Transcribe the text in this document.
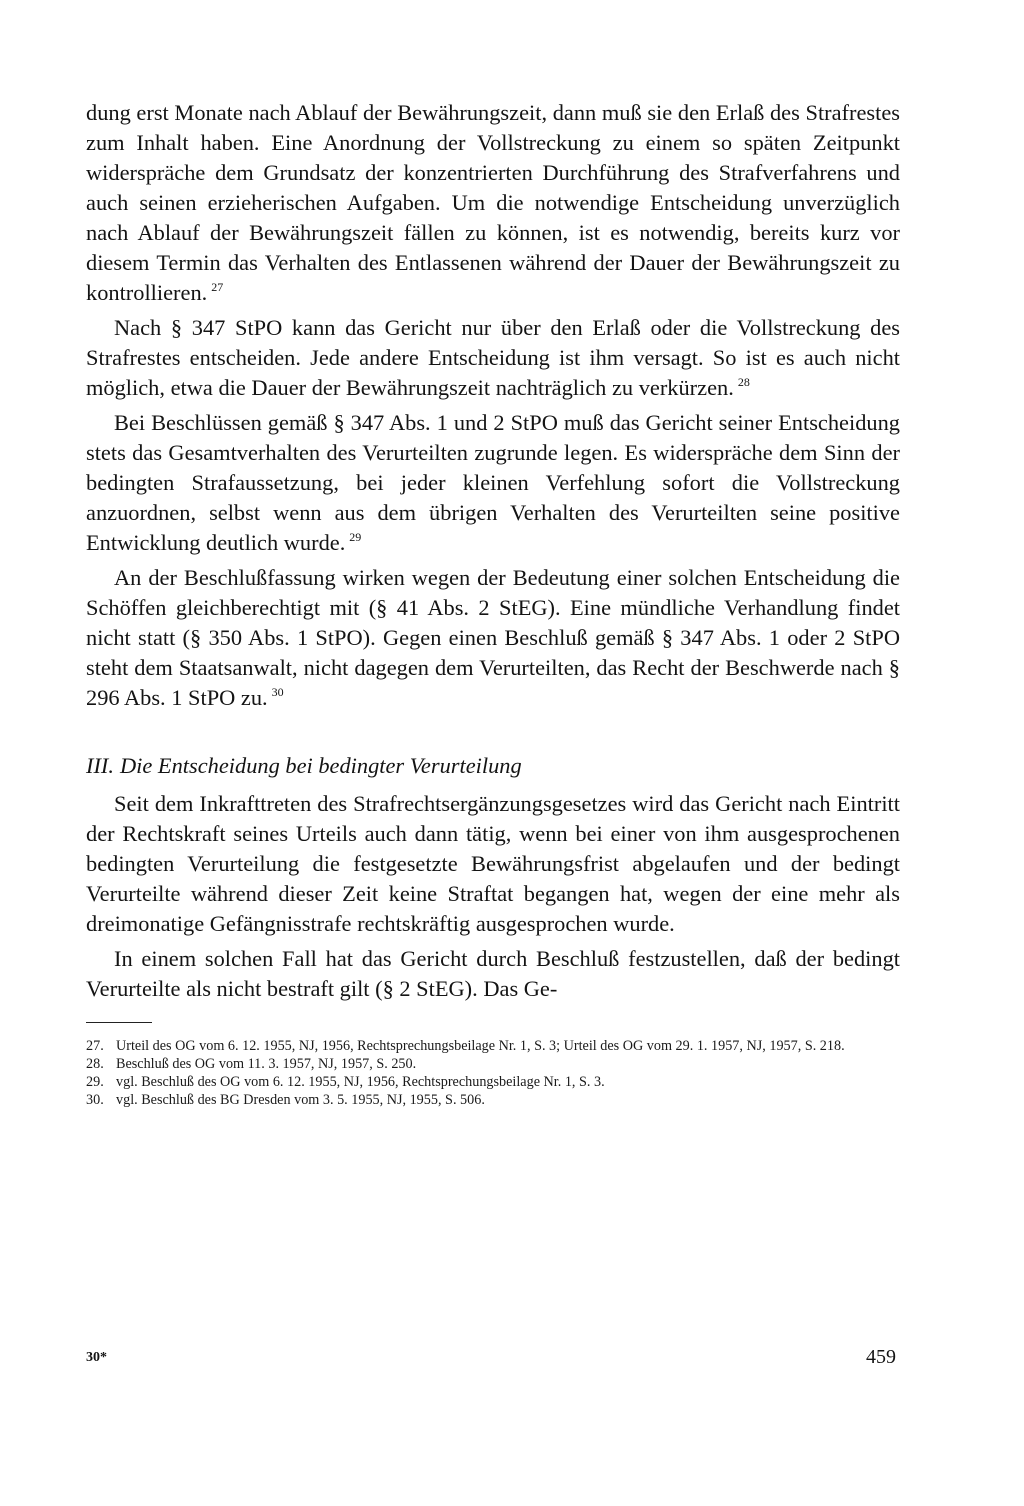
dung erst Monate nach Ablauf der Bewährungszeit, dann muß sie den Erlaß des Strafrestes zum Inhalt haben. Eine Anordnung der Vollstreckung zu einem so späten Zeitpunkt widerspräche dem Grundsatz der konzentrierten Durchführung des Strafverfahrens und auch seinen erzieherischen Aufgaben. Um die notwendige Entscheidung unverzüglich nach Ablauf der Bewährungszeit fällen zu können, ist es notwendig, bereits kurz vor diesem Termin das Verhalten des Entlassenen während der Dauer der Bewährungszeit zu kontrollieren. $^{27}$

Nach § 347 StPO kann das Gericht nur über den Erlaß oder die Vollstreckung des Strafrestes entscheiden. Jede andere Entscheidung ist ihm versagt. So ist es auch nicht möglich, etwa die Dauer der Bewährungszeit nachträglich zu verkürzen. $^{28}$

Bei Beschlüssen gemäß § 347 Abs. 1 und 2 StPO muß das Gericht seiner Entscheidung stets das Gesamtverhalten des Verurteilten zugrunde legen. Es widerspräche dem Sinn der bedingten Strafaussetzung, bei jeder kleinen Verfehlung sofort die Vollstreckung anzuordnen, selbst wenn aus dem übrigen Verhalten des Verurteilten seine positive Entwicklung deutlich wurde. $^{29}$

An der Beschlußfassung wirken wegen der Bedeutung einer solchen Entscheidung die Schöffen gleichberechtigt mit (§ 41 Abs. 2 StEG). Eine mündliche Verhandlung findet nicht statt (§ 350 Abs. 1 StPO). Gegen einen Beschluß gemäß § 347 Abs. 1 oder 2 StPO steht dem Staatsanwalt, nicht dagegen dem Verurteilten, das Recht der Beschwerde nach § 296 Abs. 1 StPO zu. $^{30}$

III. Die Entscheidung bei bedingter Verurteilung

Seit dem Inkrafttreten des Strafrechtsergänzungsgesetzes wird das Gericht nach Eintritt der Rechtskraft seines Urteils auch dann tätig, wenn bei einer von ihm ausgesprochenen bedingten Verurteilung die festgesetzte Bewährungsfrist abgelaufen und der bedingt Verurteilte während dieser Zeit keine Straftat begangen hat, wegen der eine mehr als dreimonatige Gefängnisstrafe rechtskräftig ausgesprochen wurde.

In einem solchen Fall hat das Gericht durch Beschluß festzustellen, daß der bedingt Verurteilte als nicht bestraft gilt (§ 2 StEG). Das Ge-

27. Urteil des OG vom 6. 12. 1955, NJ, 1956, Rechtsprechungsbeilage Nr. 1, S. 3; Urteil des OG vom 29. 1. 1957, NJ, 1957, S. 218.
28. Beschluß des OG vom 11. 3. 1957, NJ, 1957, S. 250.
29. vgl. Beschluß des OG vom 6. 12. 1955, NJ, 1956, Rechtsprechungsbeilage Nr. 1, S. 3.
30. vgl. Beschluß des BG Dresden vom 3. 5. 1955, NJ, 1955, S. 506.
30*	459
